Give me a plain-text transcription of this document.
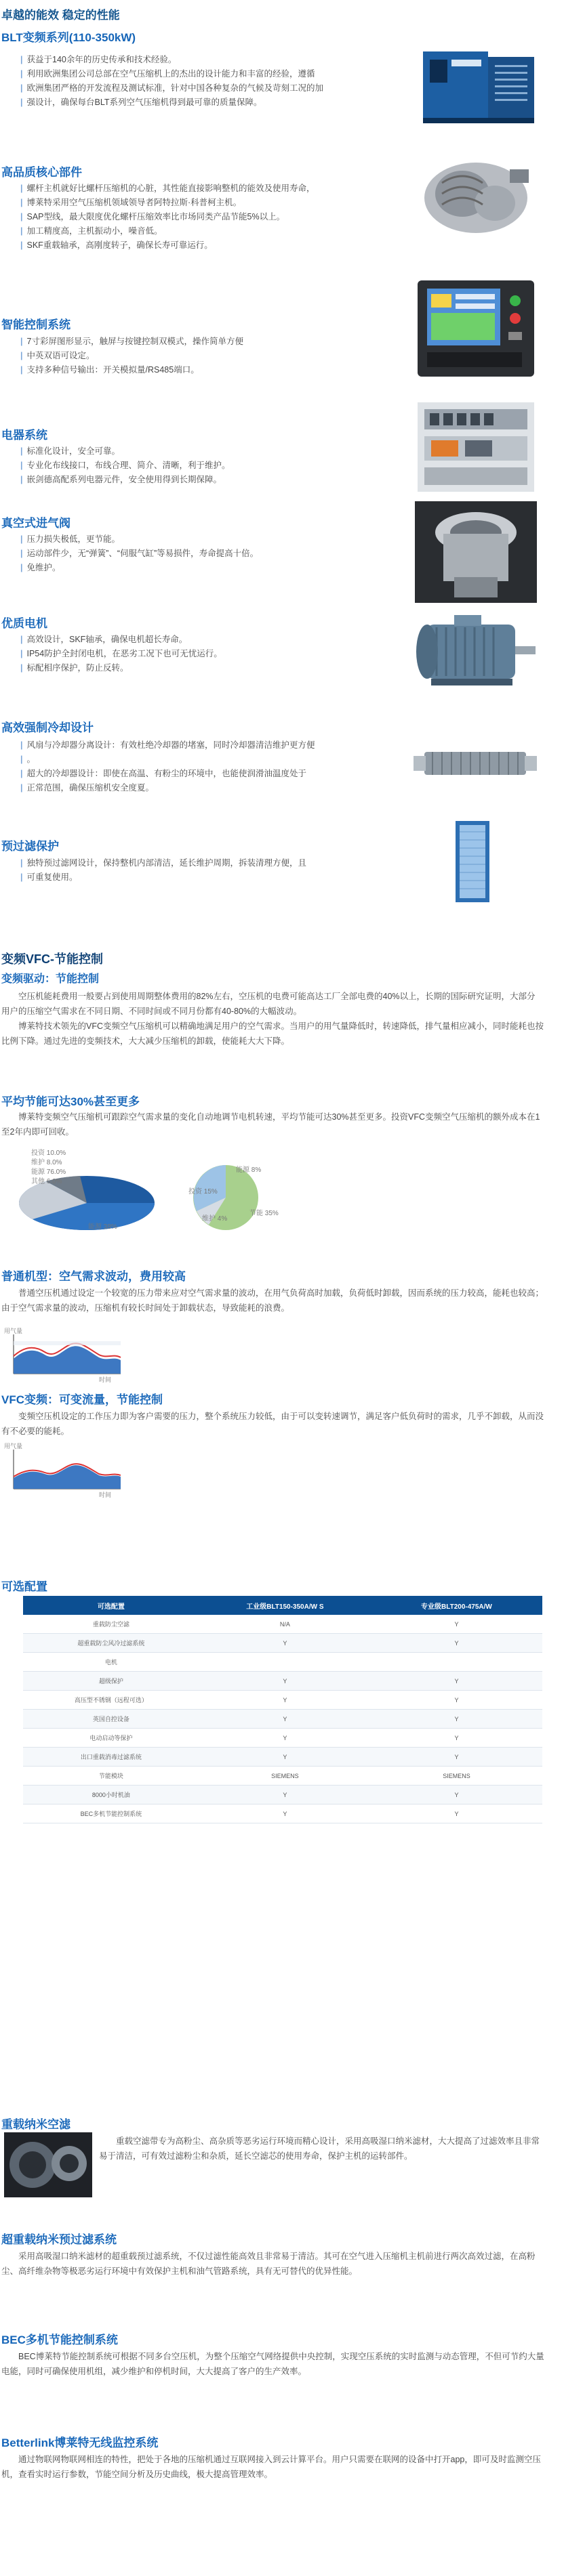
卓越的能效 稳定的性能
BLT变频系列(110-350kW)
| 获益于140余年的历史传承和技术经验。
| 利用欧洲集团公司总部在空气压缩机上的杰出的设计能力和丰富的经验，遵循
| 欧洲集团严格的开发流程及测试标准，针对中国各种复杂的气候及苛刻工况的加
| 强设计，确保每台BLT系列空气压缩机得到最可靠的质量保障。
高品质核心部件
| 螺杆主机就好比螺杆压缩机的心脏，其性能直接影响整机的能效及使用寿命，
| 博莱特采用空气压缩机领域领导者阿特拉斯·科普柯主机。
| SAP型线，最大限度优化螺杆压缩效率比市场同类产品节能5%以上。
| 加工精度高，主机振动小，噪音低。
| SKF重载轴承，高刚度转子，确保长寿可靠运行。
智能控制系统
| 7寸彩屏图形显示，触屏与按键控制双模式，操作简单方便
| 中英双语可设定。
| 支持多种信号输出：开关模拟量/RS485端口。
电器系统
| 标准化设计，安全可靠。
| 专业化布线接口，布线合理、简介、清晰，利于维护。
| 嵌剑德高配系列电器元件，安全使用得到长期保障。
真空式进气阀
| 压力损失极低，更节能。
| 运动部件少，无“弹簧”、“伺服气缸”等易损件，寿命提高十倍。
| 免维护。
优质电机
| 高效设计，SKF轴承，确保电机超长寿命。
| IP54防护全封闭电机，在恶劣工况下也可无忧运行。
| 标配相序保护，防止反转。
高效强制冷却设计
| 风扇与冷却器分离设计：有效杜绝冷却器的堵塞，同时冷却器清洁维护更方便
| 。
| 超大的冷却器设计：即使在高温、有粉尘的环境中，也能使润滑油温度处于
| 正常范围，确保压缩机安全度夏。
预过滤保护
| 独特预过滤网设计，保持整机内部清洁，延长维护周期，拆装清理方便，且
| 可重复使用。
变频VFC-节能控制
变频驱动：节能控制

空压机能耗费用一般要占到使用周期整体费用的82%左右，空压机的电费可能高达工厂全部电费的40%以上，长期的国际研究证明，大部分用户的压缩空气需求在不同日期、不同时间或不同月份都有40-80%的大幅波动。

博莱特技术领先的VFC变频空气压缩机可以精确地满足用户的空气需求。当用户的用气量降低时，转速降低，排气量相应减小，同时能耗也按比例下降。通过先进的变频技术，大大减少压缩机的卸载，使能耗大大下降。

平均节能可达30%甚至更多

博莱特变频空气压缩机可跟踪空气需求量的变化自动地调节电机转速，平均节能可达30%甚至更多。投资VFC变频空气压缩机的额外成本在1至2年内即可回收。

投资 10.0%
维护 8.0%
能源 76.0%
其他 6.0%
能源 8%
投资 15%
维护 4%
节能 35%
能源 38%
普通机型：空气需求波动，费用较高

普通空压机通过设定一个较宽的压力带来应对空气需求量的波动，在用气负荷高时加载，负荷低时卸载，因而系统的压力较高，能耗也较高；由于空气需求量的波动，压缩机有较长时间处于卸载状态，导致能耗的浪费。

用气量
时间
VFC变频：可变流量，节能控制

变频空压机设定的工作压力即为客户需要的压力，整个系统压力较低，由于可以变转速调节，满足客户低负荷时的需求，几乎不卸载，从而没有不必要的能耗。

用气量
时间
可选配置
可选配置	工业级BLT150-350A/W S	专业级BLT200-475A/W
重载防尘空滤	N/A	Y
超重载防尘风冷过滤系统	Y	Y
电机		
超级保护	Y	Y
高压型不锈钢（远程可选）	Y	Y
英国自控设备	Y	Y
电动启动等保护	Y	Y
出口重载消毒过滤系统	Y	Y
节能模块	SIEMENS	SIEMENS
8000小时机油	Y	Y
BEC多机节能控制系统	Y	Y
重载纳米空滤

重载空滤带专为高粉尘、高杂质等恶劣运行环境而精心设计，采用高吸湿口纳米滤材，大大提高了过滤效率且非常易于清洁，可有效过滤粉尘和杂质，延长空滤芯的使用寿命，保护主机的运转部件。

超重载纳米预过滤系统

采用高吸湿口纳米滤材的超重载预过滤系统，不仅过滤性能高效且非常易于清洁。其可在空气进入压缩机主机前进行两次高效过滤，在高粉尘、高纤维杂物等极恶劣运行环境中有效保护主机和油气管路系统，具有无可替代的优异性能。

BEC多机节能控制系统

BEC博莱特节能控制系统可根据不同多台空压机，为整个压缩空气网络提供中央控制，实现空压系统的实时监测与动态管理，不但可节约大量电能，同时可确保使用机组，减少维护和停机时间，大大提高了客户的生产效率。

Betterlink博莱特无线监控系统

通过物联网物联网相连的特性，把处于各地的压缩机通过互联网接入到云计算平台。用户只需要在联网的设备中打开app，即可及时监测空压机，查看实时运行参数，节能空间分析及历史曲线，极大提高管理效率。
